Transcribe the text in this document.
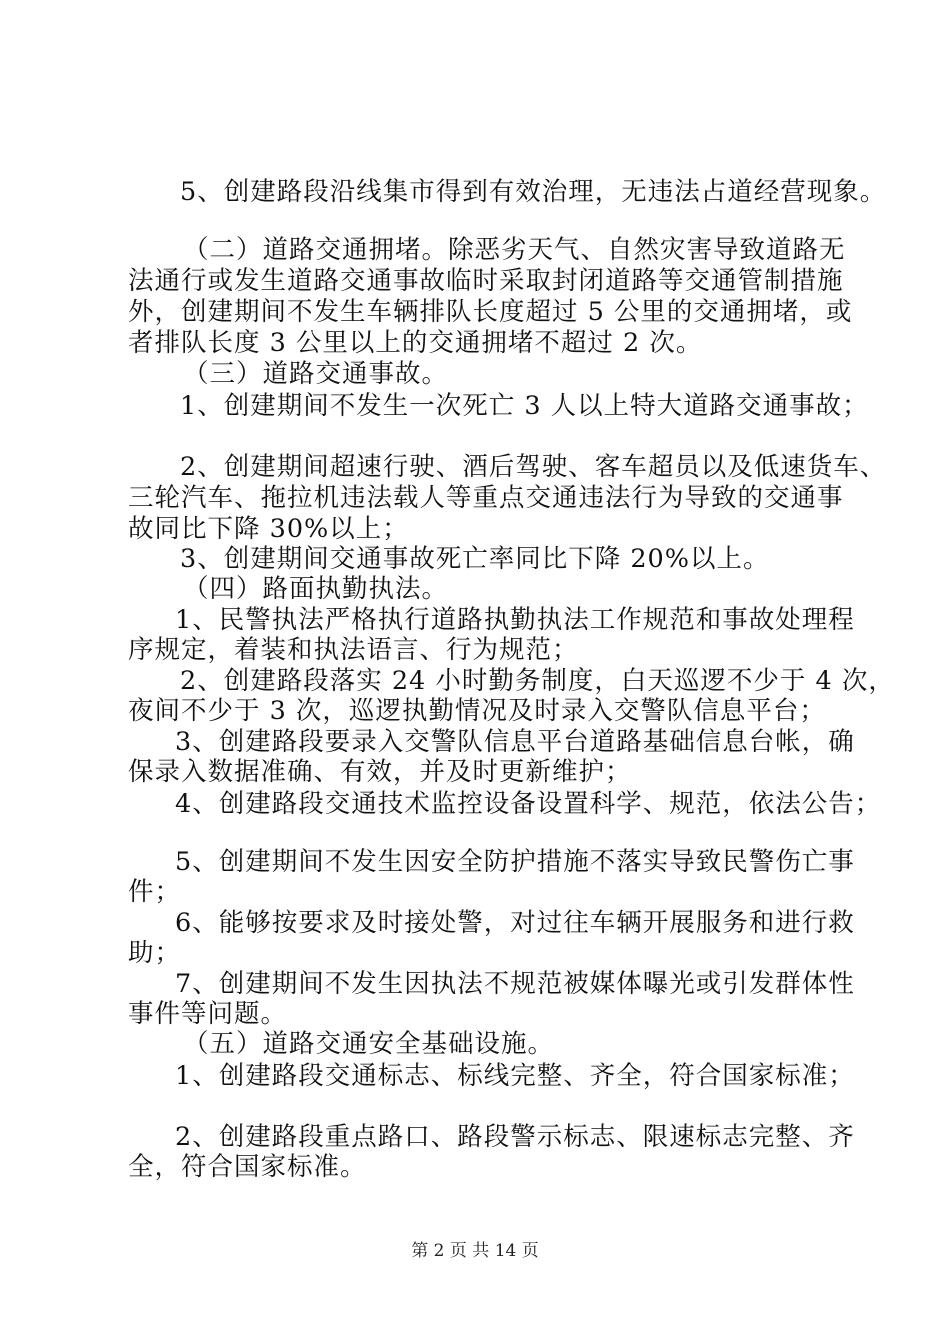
5、创建路段沿线集市得到有效治理，无违法占道经营现象。
（二）道路交通拥堵。除恶劣天气、自然灾害导致道路无
法通行或发生道路交通事故临时采取封闭道路等交通管制措施
外，创建期间不发生车辆排队长度超过 5 公里的交通拥堵，或
者排队长度 3 公里以上的交通拥堵不超过 2 次。
（三）道路交通事故。
1、创建期间不发生一次死亡 3 人以上特大道路交通事故；
2、创建期间超速行驶、酒后驾驶、客车超员以及低速货车、
三轮汽车、拖拉机违法载人等重点交通违法行为导致的交通事
故同比下降 30%以上；
3、创建期间交通事故死亡率同比下降 20%以上。
（四）路面执勤执法。
1、民警执法严格执行道路执勤执法工作规范和事故处理程
序规定，着装和执法语言、行为规范；
2、创建路段落实 24 小时勤务制度，白天巡逻不少于 4 次，
夜间不少于 3 次，巡逻执勤情况及时录入交警队信息平台；
3、创建路段要录入交警队信息平台道路基础信息台帐，确
保录入数据准确、有效，并及时更新维护；
4、创建路段交通技术监控设备设置科学、规范，依法公告；
5、创建期间不发生因安全防护措施不落实导致民警伤亡事
件；
6、能够按要求及时接处警，对过往车辆开展服务和进行救
助；
7、创建期间不发生因执法不规范被媒体曝光或引发群体性
事件等问题。
（五）道路交通安全基础设施。
1、创建路段交通标志、标线完整、齐全，符合国家标准；
2、创建路段重点路口、路段警示标志、限速标志完整、齐
全，符合国家标准。
第 2 页 共 14 页
